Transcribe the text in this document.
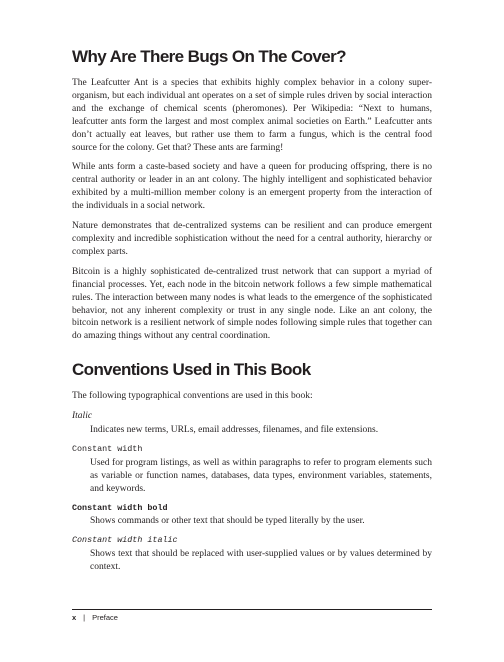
Why Are There Bugs On The Cover?

The Leafcutter Ant is a species that exhibits highly complex behavior in a colony super-organism, but each individual ant operates on a set of simple rules driven by social interaction and the exchange of chemical scents (pheromones). Per Wikipedia: “Next to humans, leafcutter ants form the largest and most complex animal societies on Earth.” Leafcutter ants don’t actually eat leaves, but rather use them to farm a fungus, which is the central food source for the colony. Get that? These ants are farming!

While ants form a caste-based society and have a queen for producing offspring, there is no central authority or leader in an ant colony. The highly intelligent and sophisticated behavior exhibited by a multi-million member colony is an emergent property from the interaction of the individuals in a social network.

Nature demonstrates that de-centralized systems can be resilient and can produce emergent complexity and incredible sophistication without the need for a central authority, hierarchy or complex parts.

Bitcoin is a highly sophisticated de-centralized trust network that can support a myriad of financial processes. Yet, each node in the bitcoin network follows a few simple mathematical rules. The interaction between many nodes is what leads to the emergence of the sophisticated behavior, not any inherent complexity or trust in any single node. Like an ant colony, the bitcoin network is a resilient network of simple nodes following simple rules that together can do amazing things without any central coordination.

Conventions Used in This Book

The following typographical conventions are used in this book:

Italic
Indicates new terms, URLs, email addresses, filenames, and file extensions.
Constant width
Used for program listings, as well as within paragraphs to refer to program elements such as variable or function names, databases, data types, environment variables, statements, and keywords.
Constant width bold
Shows commands or other text that should be typed literally by the user.
Constant width italic
Shows text that should be replaced with user-supplied values or by values determined by context.
x | Preface
